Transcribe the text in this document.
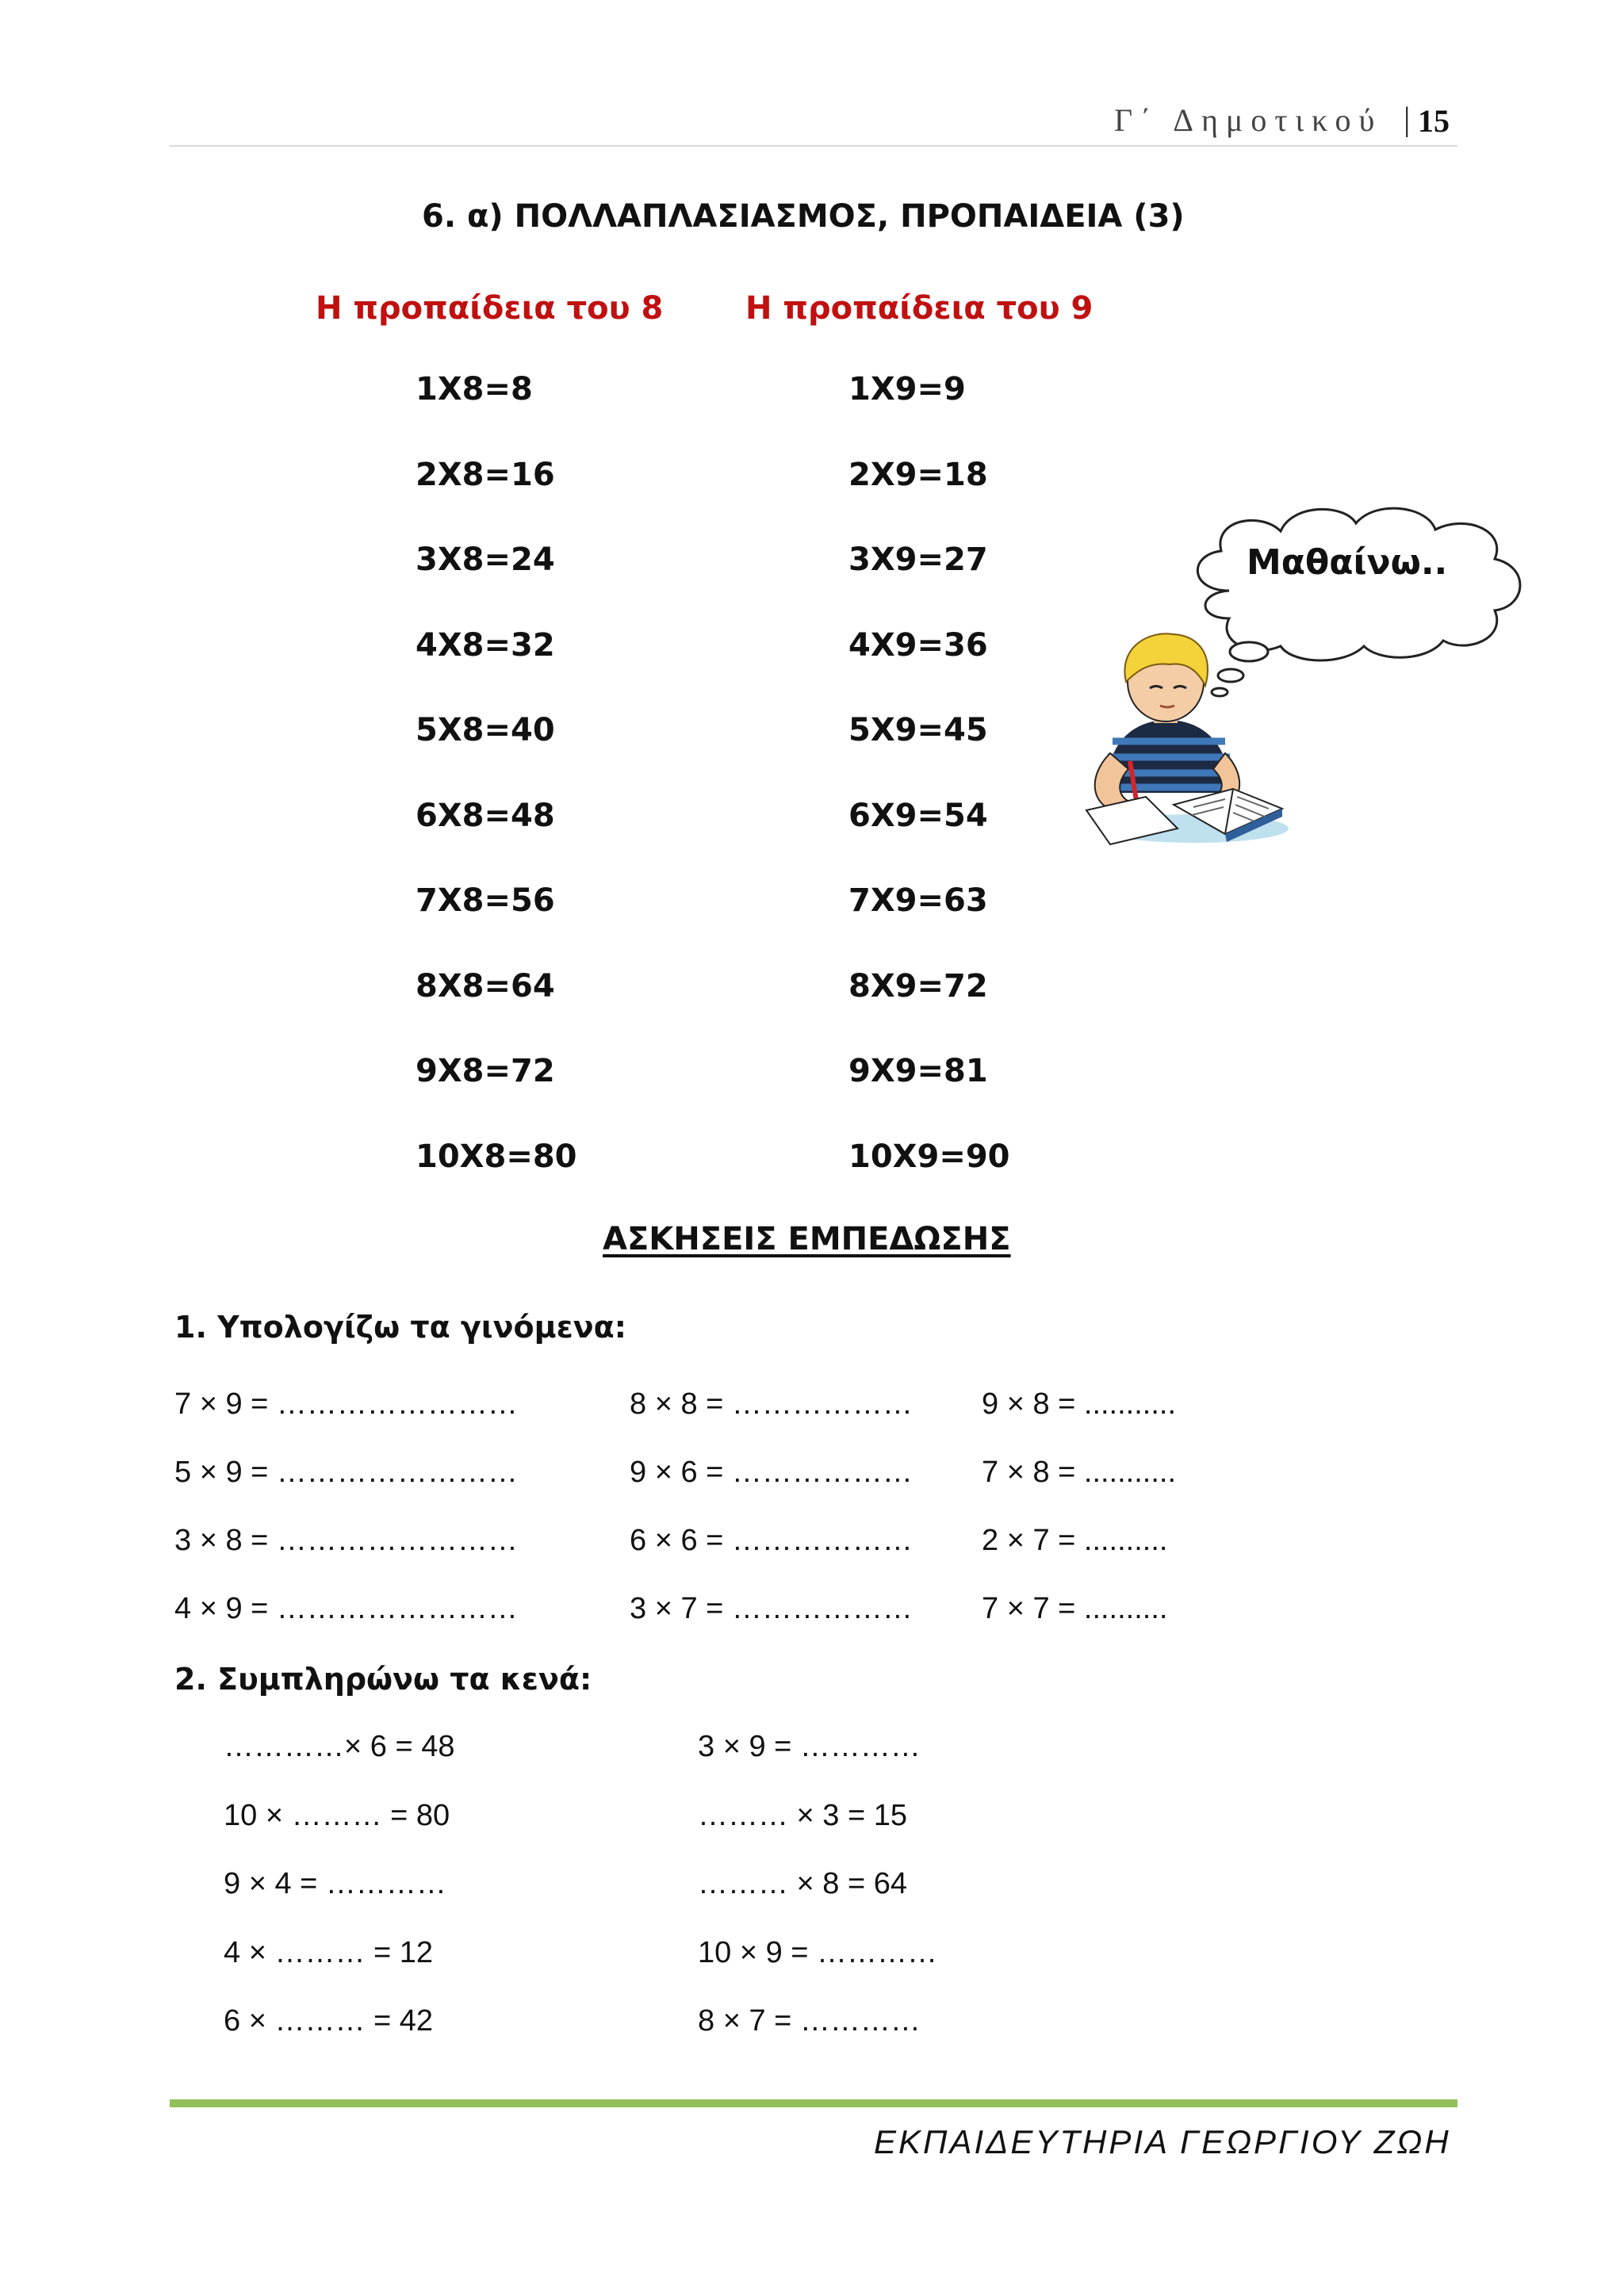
Γ΄ Δημοτικού | 15
6. α) ΠΟΛΛΑΠΛΑΣΙΑΣΜΟΣ, ΠΡΟΠΑΙΔΕΙΑ (3)
Η προπαίδεια του 8	Η προπαίδεια του 9
1Χ8=8
2Χ8=16
3Χ8=24
4Χ8=32
5Χ8=40
6Χ8=48
7Χ8=56
8Χ8=64
9Χ8=72
10Χ8=80
1Χ9=9
2Χ9=18
3Χ9=27
4Χ9=36
5Χ9=45
6Χ9=54
7Χ9=63
8Χ9=72
9Χ9=81
10Χ9=90
Μαθαίνω..
ΑΣΚΗΣΕΙΣ ΕΜΠΕΔΩΣΗΣ
1. Υπολογίζω τα γινόμενα:
7 × 9 = ……………………
5 × 9 = ……………………
3 × 8 = ……………………
4 × 9 = ……………………
8 × 8 = ………………
9 × 6 = ………………
6 × 6 = ………………
3 × 7 = ………………
9 × 8 = ...........
7 × 8 = ...........
2 × 7 = ..........
7 × 7 = ..........
2. Συμπληρώνω τα κενά:
…………× 6 = 48
10 × ……… = 80
9 × 4 = …………
4 × ……… = 12
6 × ……… = 42
3 × 9 = …………
……… × 3 = 15
……… × 8 = 64
10 × 9 = …………
8 × 7 = …………
ΕΚΠΑΙΔΕΥΤΗΡΙΑ ΓΕΩΡΓΙΟΥ ΖΩΗ
